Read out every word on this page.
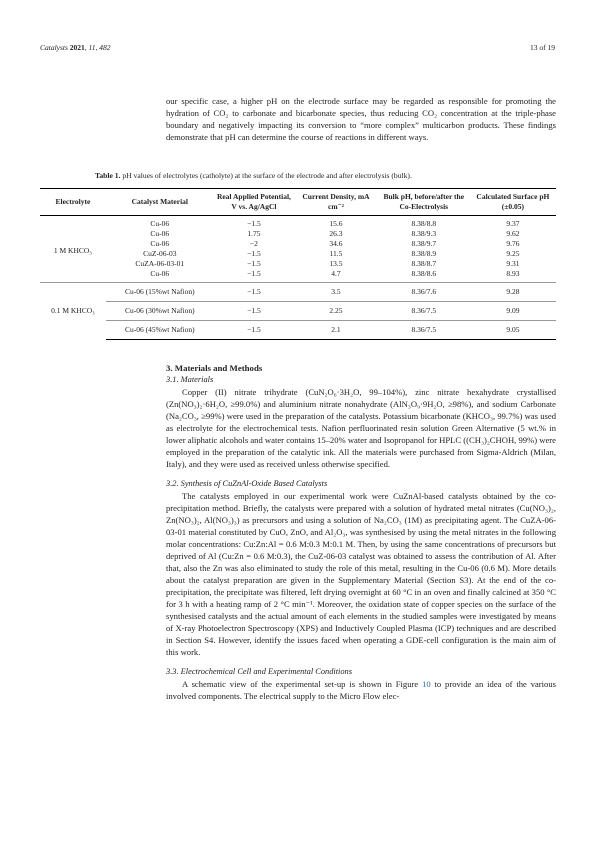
Catalysts 2021, 11, 482	13 of 19

our specific case, a higher pH on the electrode surface may be regarded as responsible for promoting the hydration of CO₂ to carbonate and bicarbonate species, thus reducing CO₂ concentration at the triple-phase boundary and negatively impacting its conversion to “more complex” multicarbon products. These findings demonstrate that pH can determine the course of reactions in different ways.

Table 1. pH values of electrolytes (catholyte) at the surface of the electrode and after electrolysis (bulk).
Electrolyte	Catalyst Material	Real Applied Potential, V vs. Ag/AgCl	Current Density, mA cm⁻²	Bulk pH, before/after the Co-Electrolysis	Calculated Surface pH (±0.05)
1 M KHCO₃	Cu-06	−1.5	15.6	8.38/8.8	9.37
	Cu-06	1.75	26.3	8.38/9.3	9.62
	Cu-06	−2	34.6	8.38/9.7	9.76
	CuZ-06-03	−1.5	11.5	8.38/8.9	9.25
	CuZA-06-03-01	−1.5	13.5	8.38/8.7	9.31
	Cu-06	−1.5	4.7	8.38/8.6	8.93
0.1 M KHCO₃	Cu-06 (15%wt Nafion)	−1.5	3.5	8.36/7.6	9.28
	Cu-06 (30%wt Nafion)	−1.5	2.25	8.36/7.5	9.09
	Cu-06 (45%wt Nafion)	−1.5	2.1	8.36/7.5	9.05
3. Materials and Methods
3.1. Materials

Copper (II) nitrate trihydrate (CuN₂O₆·3H₂O, 99–104%), zinc nitrate hexahydrate crystallised (Zn(NO₃)₂·6H₂O, ≥99.0%) and aluminium nitrate nonahydrate (AlN₃O₉·9H₂O, ≥98%), and sodium Carbonate (Na₂CO₃, ≥99%) were used in the preparation of the catalysts. Potassium bicarbonate (KHCO₃, 99.7%) was used as electrolyte for the electrochemical tests. Nafion perfluorinated resin solution Green Alternative (5 wt.% in lower aliphatic alcohols and water contains 15–20% water and Isopropanol for HPLC ((CH₃)₂CHOH, 99%) were employed in the preparation of the catalytic ink. All the materials were purchased from Sigma-Aldrich (Milan, Italy), and they were used as received unless otherwise specified.

3.2. Synthesis of CuZnAl-Oxide Based Catalysts

The catalysts employed in our experimental work were CuZnAl-based catalysts obtained by the co-precipitation method. Briefly, the catalysts were prepared with a solution of hydrated metal nitrates (Cu(NO₃)₂, Zn(NO₃)₂, Al(NO₃)₃) as precursors and using a solution of Na₂CO₃ (1M) as precipitating agent. The CuZA-06-03-01 material constituted by CuO, ZnO, and Al₂O₃, was synthesised by using the metal nitrates in the following molar concentrations: Cu:Zn:Al = 0.6 M:0.3 M:0.1 M. Then, by using the same concentrations of precursors but deprived of Al (Cu:Zn = 0.6 M:0.3), the CuZ-06-03 catalyst was obtained to assess the contribution of Al. After that, also the Zn was also eliminated to study the role of this metal, resulting in the Cu-06 (0.6 M). More details about the catalyst preparation are given in the Supplementary Material (Section S3). At the end of the co-precipitation, the precipitate was filtered, left drying overnight at 60 °C in an oven and finally calcined at 350 °C for 3 h with a heating ramp of 2 °C min⁻¹. Moreover, the oxidation state of copper species on the surface of the synthesised catalysts and the actual amount of each elements in the studied samples were investigated by means of X-ray Photoelectron Spectroscopy (XPS) and Inductively Coupled Plasma (ICP) techniques and are described in Section S4. However, identify the issues faced when operating a GDE-cell configuration is the main aim of this work.

3.3. Electrochemical Cell and Experimental Conditions

A schematic view of the experimental set-up is shown in Figure 10 to provide an idea of the various involved components. The electrical supply to the Micro Flow elec-
